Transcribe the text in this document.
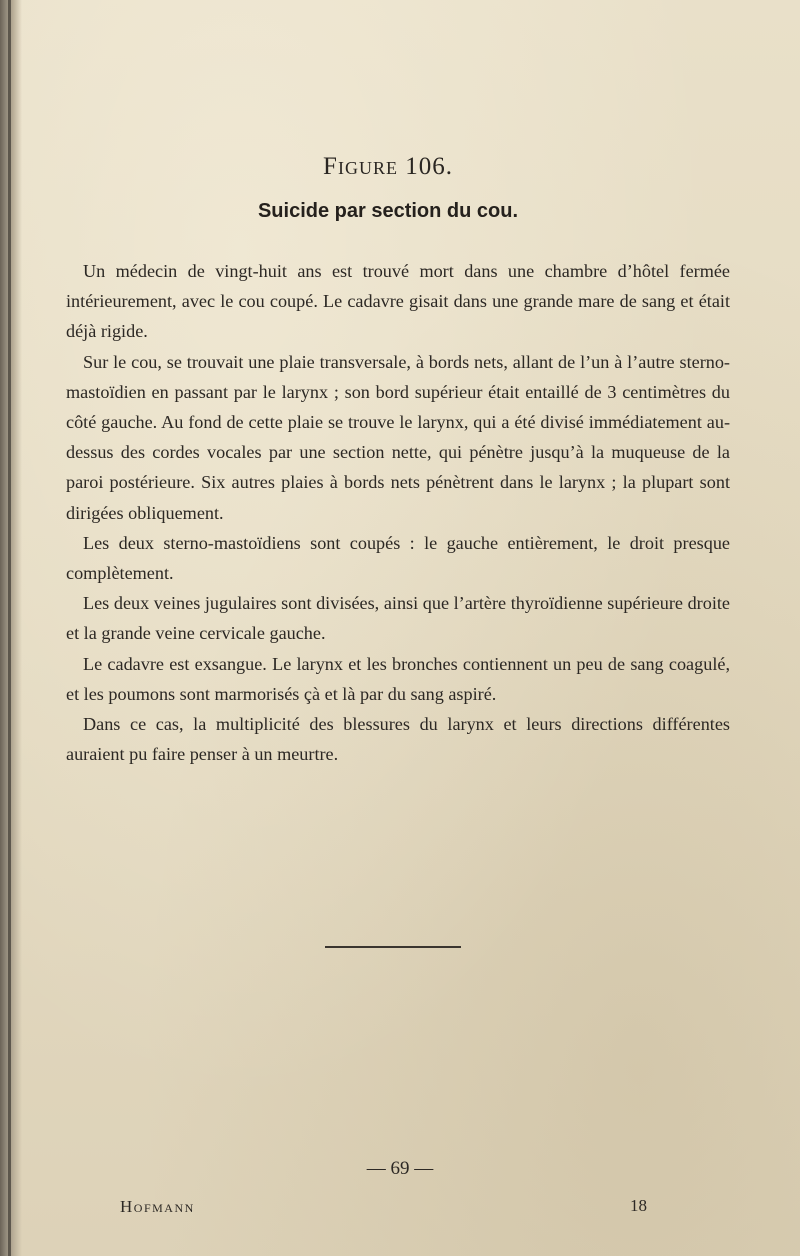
Figure 106.
Suicide par section du cou.

Un médecin de vingt-huit ans est trouvé mort dans une chambre d’hôtel fermée intérieurement, avec le cou coupé. Le cadavre gisait dans une grande mare de sang et était déjà rigide.

Sur le cou, se trouvait une plaie transversale, à bords nets, allant de l’un à l’autre sterno-mastoïdien en passant par le larynx ; son bord supérieur était entaillé de 3 centimètres du côté gauche. Au fond de cette plaie se trouve le larynx, qui a été divisé immédiatement au-dessus des cordes vocales par une section nette, qui pénètre jusqu’à la muqueuse de la paroi postérieure. Six autres plaies à bords nets pénètrent dans le larynx ; la plupart sont dirigées obliquement.

Les deux sterno-mastoïdiens sont coupés : le gauche entièrement, le droit presque complètement.

Les deux veines jugulaires sont divisées, ainsi que l’artère thyroïdienne supérieure droite et la grande veine cervicale gauche.

Le cadavre est exsangue. Le larynx et les bronches contiennent un peu de sang coagulé, et les poumons sont marmorisés çà et là par du sang aspiré.

Dans ce cas, la multiplicité des blessures du larynx et leurs directions différentes auraient pu faire penser à un meurtre.

— 69 —
Hofmann	18
